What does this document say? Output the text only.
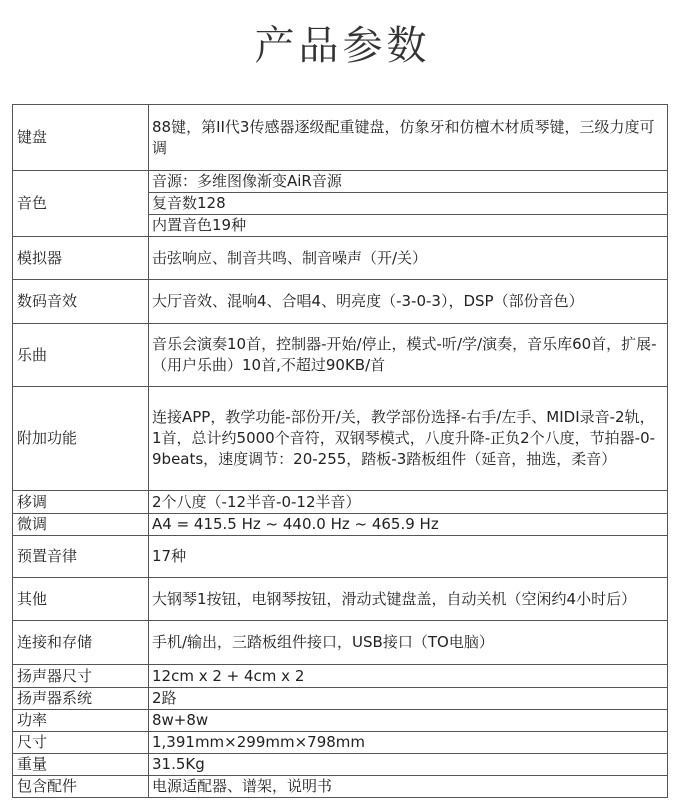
产品参数
键盘	88键，第II代3传感器逐级配重键盘，仿象牙和仿檀木材质琴键，三级力度可调
音色	音源：多维图像渐变AiR音源
复音数128
内置音色19种

模拟器	击弦响应、制音共鸣、制音噪声（开/关）
数码音效	大厅音效、混响4、合唱4、明亮度（-3-0-3），DSP（部份音色）
乐曲	音乐会演奏10首，控制器-开始/停止，模式-听/学/演奏，音乐库60首，扩展-（用户乐曲）10首,不超过90KB/首
附加功能	连接APP，教学功能-部份开/关，教学部份选择-右手/左手、MIDI录音-2轨，1首，总计约5000个音符，双钢琴模式，八度升降-正负2个八度，节拍器-0-9beats，速度调节：20-255，踏板-3踏板组件（延音，抽选，柔音）
移调	2个八度（-12半音-0-12半音）
微调	A4 = 415.5 Hz ~ 440.0 Hz ~ 465.9 Hz
预置音律	17种
其他	大钢琴1按钮，电钢琴按钮，滑动式键盘盖，自动关机（空闲约4小时后）
连接和存储	手机/输出，三踏板组件接口，USB接口（TO电脑）
扬声器尺寸	12cm x 2 + 4cm x 2
扬声器系统	2路
功率	8w+8w
尺寸	1,391mm×299mm×798mm
重量	31.5Kg
包含配件	电源适配器、谱架，说明书
